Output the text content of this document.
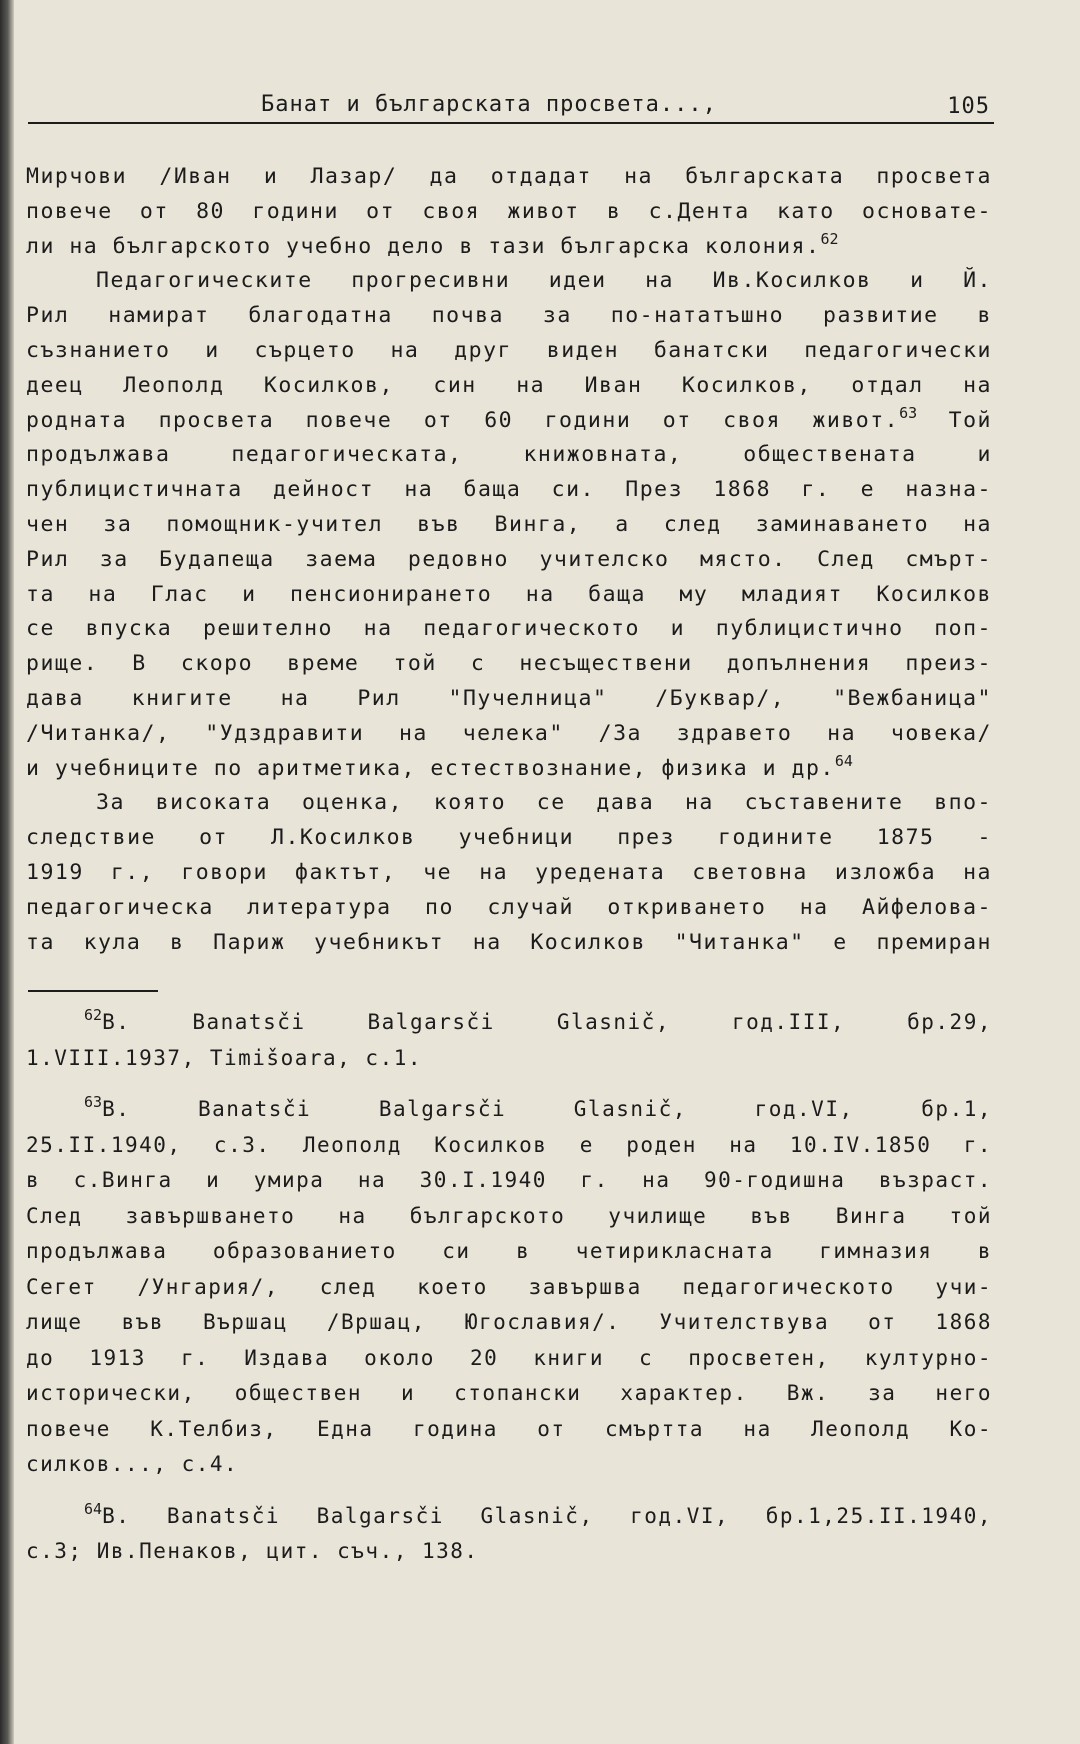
Банат и българската просвета...,	105
Мирчови /Иван и Лазар/ да отдадат на българската просвета
повече от 80 години от своя живот в с.Дента като основате-
ли на българското учебно дело в тази българска колония.$^{62}$
Педагогическите прогресивни идеи на Ив.Косилков и Й.
Рил намират благодатна почва за по-нататъшно развитие в
съзнанието и сърцето на друг виден банатски педагогически
деец Леополд Косилков, син на Иван Косилков, отдал на
родната просвета повече от 60 години от своя живот.$^{63}$ Той
продължава педагогическата, книжовната, обществената и
публицистичната дейност на баща си. През 1868 г. е назна-
чен за помощник-учител във Винга, а след заминаването на
Рил за Будапеща заема редовно учителско място. След смърт-
та на Глас и пенсионирането на баща му младият Косилков
се впуска решително на педагогическото и публицистично поп-
рище. В скоро време той с несъществени допълнения преиз-
дава книгите на Рил "Пучелница" /Буквар/, "Вежбаница"
/Читанка/, "Удздравити на челека" /За здравето на човека/
и учебниците по аритметика, естествознание, физика и др.$^{64}$
За високата оценка, която се дава на съставените впо-
следствие от Л.Косилков учебници през годините 1875 -
1919 г., говори фактът, че на уредената световна изложба на
педагогическа литература по случай откриването на Айфелова-
та кула в Париж учебникът на Косилков "Читанка" е премиран
$^{62}$B. Banatsči Balgarsči Glasnič, год.III, бр.29,
1.VIII.1937, Timišoara, с.1.
$^{63}$B. Banatsči Balgarsči Glasnič, год.VI, бр.1,
25.II.1940, с.3. Леополд Косилков е роден на 10.IV.1850 г.
в с.Винга и умира на 30.I.1940 г. на 90-годишна възраст.
След завършването на българското училище във Винга той
продължава образованието си в четирикласната гимназия в
Сегет /Унгария/, след което завършва педагогическото учи-
лище във Вършац /Вршац, Югославия/. Учителствува от 1868
до 1913 г. Издава около 20 книги с просветен, културно-
исторически, обществен и стопански характер. Вж. за него
повече К.Телбиз, Една година от смъртта на Леополд Ко-
силков..., с.4.
$^{64}$B. Banatsči Balgarsči Glasnič, год.VI, бр.1,25.II.1940,
с.3; Ив.Пенаков, цит. съч., 138.
